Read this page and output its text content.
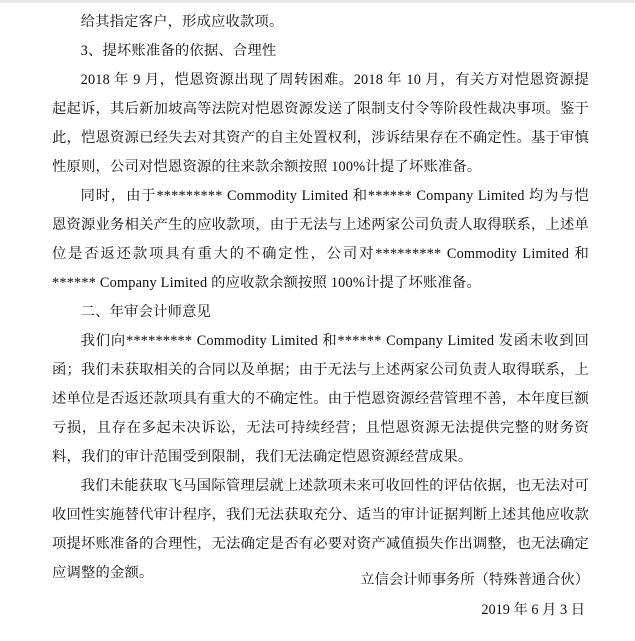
给其指定客户，形成应收款项。

3、提坏账准备的依据、合理性

2018 年 9 月，恺恩资源出现了周转困难。2018 年 10 月，有关方对恺恩资源提起起诉，其后新加坡高等法院对恺恩资源发送了限制支付令等阶段性裁决事项。鉴于此，恺恩资源已经失去对其资产的自主处置权利，涉诉结果存在不确定性。基于审慎性原则，公司对恺恩资源的往来款余额按照 100%计提了坏账准备。

同时，由于********* Commodity Limited 和****** Company Limited 均为与恺恩资源业务相关产生的应收款项，由于无法与上述两家公司负责人取得联系，上述单位是否返还款项具有重大的不确定性，公司对********* Commodity Limited 和****** Company Limited 的应收款余额按照 100%计提了坏账准备。

二、年审会计师意见

我们向********* Commodity Limited 和****** Company Limited 发函未收到回函；我们未获取相关的合同以及单据；由于无法与上述两家公司负责人取得联系，上述单位是否返还款项具有重大的不确定性。由于恺恩资源经营管理不善，本年度巨额亏损，且存在多起未决诉讼，无法可持续经营；且恺恩资源无法提供完整的财务资料，我们的审计范围受到限制，我们无法确定恺恩资源经营成果。

我们未能获取飞马国际管理层就上述款项未来可收回性的评估依据，也无法对可收回性实施替代审计程序，我们无法获取充分、适当的审计证据判断上述其他应收款项提坏账准备的合理性，无法确定是否有必要对资产减值损失作出调整，也无法确定应调整的金额。	立信会计师事务所（特殊普通合伙）
2019 年 6 月 3 日
